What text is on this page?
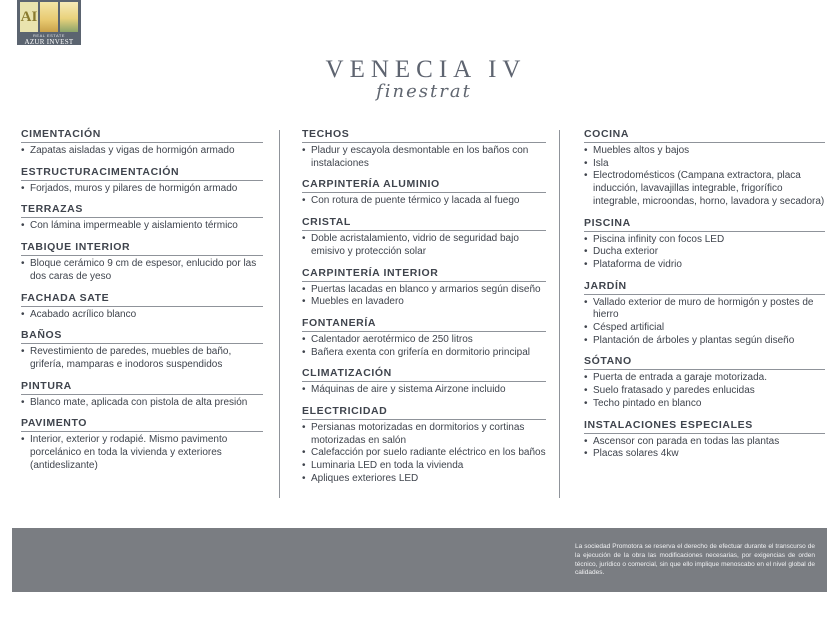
AI
REAL ESTATE
AZUR INVEST
VENECIA IV
finestrat
CIMENTACIÓN
• Zapatas aisladas y vigas de hormigón armado
ESTRUCTURACIMENTACIÓN
• Forjados, muros y pilares de hormigón armado
TERRAZAS
• Con lámina impermeable y aislamiento térmico
TABIQUE INTERIOR
• Bloque cerámico 9 cm de espesor, enlucido por las dos caras de yeso
FACHADA SATE
• Acabado acrílico blanco
BAÑOS
• Revestimiento de paredes, muebles de baño, grifería, mamparas e inodoros suspendidos
PINTURA
• Blanco mate, aplicada con pistola de alta presión
PAVIMENTO
• Interior, exterior y rodapié. Mismo pavimento porcelánico en toda la vivienda y exteriores (antideslizante)
TECHOS
• Pladur y escayola desmontable en los baños con instalaciones
CARPINTERÍA ALUMINIO
• Con rotura de puente térmico y lacada al fuego
CRISTAL
• Doble acristalamiento, vidrio de seguridad bajo emisivo y protección solar
CARPINTERÍA INTERIOR
• Puertas lacadas en blanco y armarios según diseño
• Muebles en lavadero
FONTANERÍA
• Calentador aerotérmico de 250 litros
• Bañera exenta con grifería en dormitorio principal
CLIMATIZACIÓN
• Máquinas de aire y sistema Airzone incluido
ELECTRICIDAD
• Persianas motorizadas en dormitorios y cortinas motorizadas en salón
• Calefacción por suelo radiante eléctrico en los baños
• Luminaria LED en toda la vivienda
• Apliques exteriores LED
COCINA
• Muebles altos y bajos
• Isla
• Electrodomésticos (Campana extractora, placa inducción, lavavajillas integrable, frigorífico integrable, microondas, horno, lavadora y secadora)
PISCINA
• Piscina infinity con focos LED
• Ducha exterior
• Plataforma de vidrio
JARDÍN
• Vallado exterior de muro de hormigón y postes de hierro
• Césped artificial
• Plantación de árboles y plantas según diseño
SÓTANO
• Puerta de entrada a garaje motorizada.
• Suelo fratasado y paredes enlucidas
• Techo pintado en blanco
INSTALACIONES ESPECIALES
• Ascensor con parada en todas las plantas
• Placas solares 4kw
La sociedad Promotora se reserva el derecho de efectuar durante el transcurso de la ejecución de la obra las modificaciones necesarias, por exigencias de orden técnico, jurídico o comercial, sin que ello implique menoscabo en el nivel global de calidades.
